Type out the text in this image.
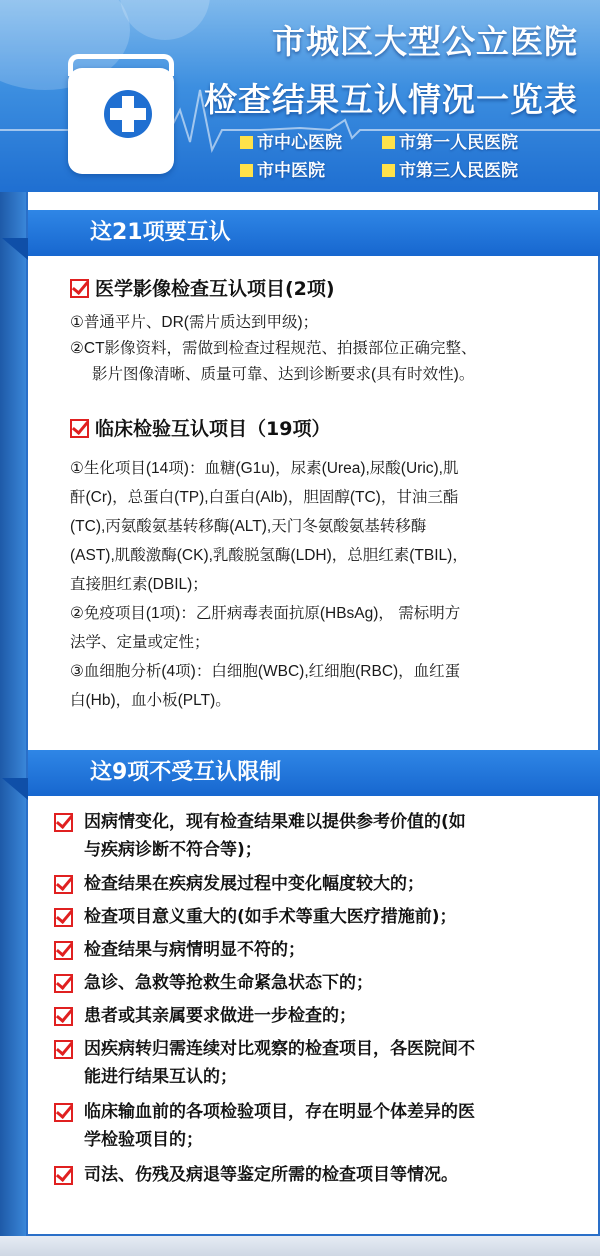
市城区大型公立医院
检查结果互认情况一览表
市中心医院	市第一人民医院
市中医院	市第三人民医院
这21项要互认
医学影像检查互认项目(2项)
①普通平片、DR(需片质达到甲级)；
②CT影像资料，需做到检查过程规范、拍摄部位正确完整、
影片图像清晰、质量可靠、达到诊断要求(具有时效性)。
临床检验互认项目（19项）
①生化项目(14项)：血糖(G1u)，尿素(Urea),尿酸(Uric),肌
酐(Cr)，总蛋白(TP),白蛋白(Alb)，胆固醇(TC)，甘油三酯
(TC),丙氨酸氨基转移酶(ALT),天门冬氨酸氨基转移酶
(AST),肌酸激酶(CK),乳酸脱氢酶(LDH)，总胆红素(TBIL)，
直接胆红素(DBIL)；
②免疫项目(1项)：乙肝病毒表面抗原(HBsAg)， 需标明方
法学、定量或定性；
③血细胞分析(4项)：白细胞(WBC),红细胞(RBC)，血红蛋
白(Hb)，血小板(PLT)。
这9项不受互认限制
因病情变化，现有检查结果难以提供参考价值的(如
与疾病诊断不符合等)；
检查结果在疾病发展过程中变化幅度较大的；
检查项目意义重大的(如手术等重大医疗措施前)；
检查结果与病情明显不符的；
急诊、急救等抢救生命紧急状态下的；
患者或其亲属要求做进一步检查的；
因疾病转归需连续对比观察的检查项目，各医院间不
能进行结果互认的；
临床输血前的各项检验项目，存在明显个体差异的医
学检验项目的；
司法、伤残及病退等鉴定所需的检查项目等情况。
